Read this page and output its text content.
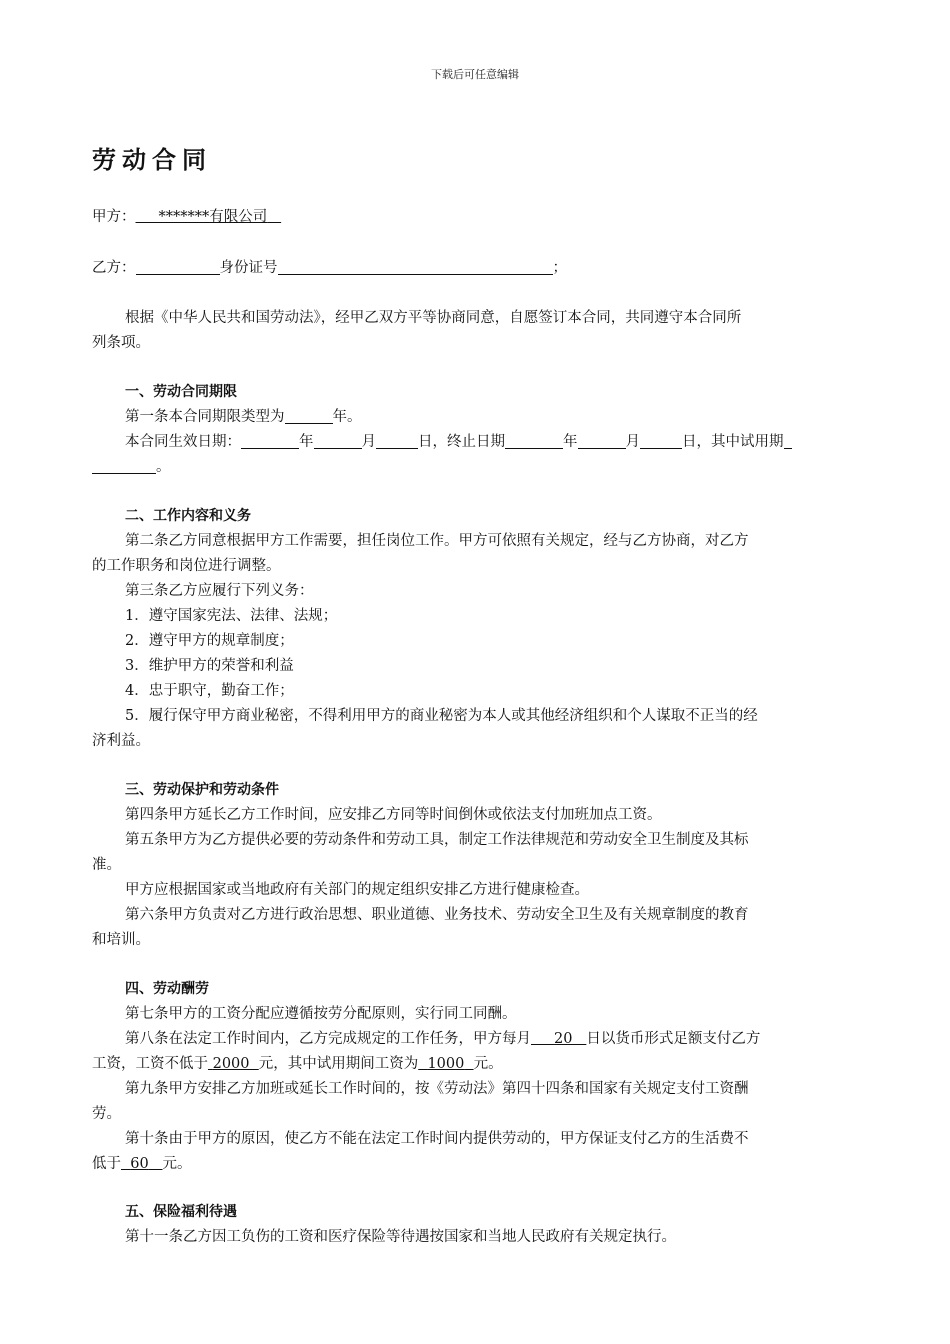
下载后可任意编辑
劳动合同
甲方： *******有限公司
乙方：	身份证号	；
根据《中华人民共和国劳动法》，经甲乙双方平等协商同意，自愿签订本合同，共同遵守本合同所
列条项。
一、劳动合同期限
第一条本合同期限类型为	年。
本合同生效日期：	年	月	日，终止日期	年	月	日，其中试用期
。
二、工作内容和义务
第二条乙方同意根据甲方工作需要，担任岗位工作。甲方可依照有关规定，经与乙方协商，对乙方
的工作职务和岗位进行调整。
第三条乙方应履行下列义务：
1．遵守国家宪法、法律、法规；
2．遵守甲方的规章制度；
3．维护甲方的荣誉和利益
4．忠于职守，勤奋工作；
5．履行保守甲方商业秘密，不得利用甲方的商业秘密为本人或其他经济组织和个人谋取不正当的经
济利益。
三、劳动保护和劳动条件
第四条甲方延长乙方工作时间，应安排乙方同等时间倒休或依法支付加班加点工资。
第五条甲方为乙方提供必要的劳动条件和劳动工具，制定工作法律规范和劳动安全卫生制度及其标
准。
甲方应根据国家或当地政府有关部门的规定组织安排乙方进行健康检查。
第六条甲方负责对乙方进行政治思想、职业道德、业务技术、劳动安全卫生及有关规章制度的教育
和培训。
四、劳动酬劳
第七条甲方的工资分配应遵循按劳分配原则，实行同工同酬。
第八条在法定工作时间内，乙方完成规定的工作任务，甲方每月 20 日以货币形式足额支付乙方
工资，工资不低于 2000 元，其中试用期间工资为 1000 元。
第九条甲方安排乙方加班或延长工作时间的，按《劳动法》第四十四条和国家有关规定支付工资酬
劳。
第十条由于甲方的原因，使乙方不能在法定工作时间内提供劳动的，甲方保证支付乙方的生活费不
低于 60 元。
五、保险福利待遇
第十一条乙方因工负伤的工资和医疗保险等待遇按国家和当地人民政府有关规定执行。
